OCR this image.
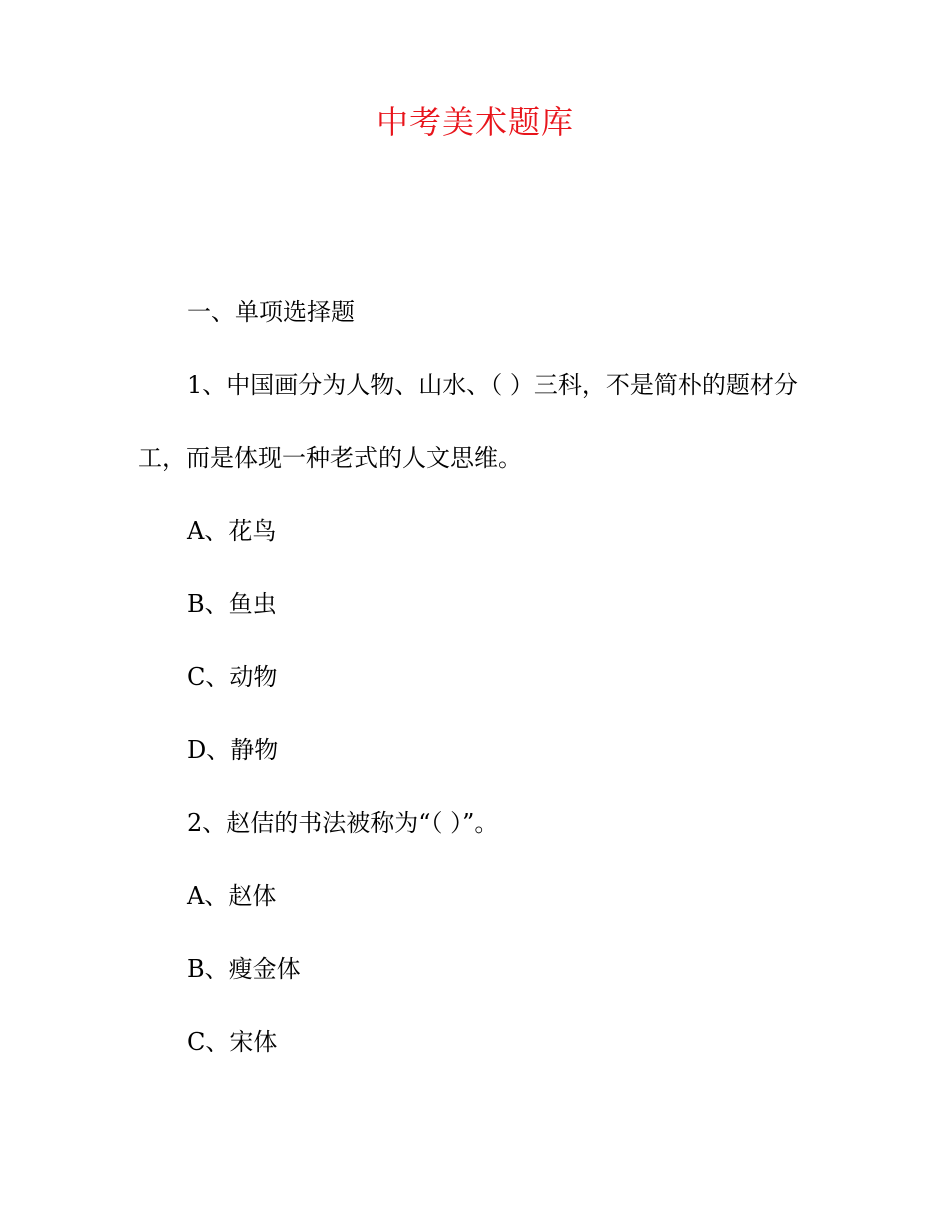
中考美术题库
一、单项选择题
1、中国画分为人物、山水、（ ）三科，不是简朴的题材分
工，而是体现一种老式的人文思维。
A、花鸟
B、鱼虫
C、动物
D、静物
2、赵佶的书法被称为“（ ）”。
A、赵体
B、瘦金体
C、宋体
